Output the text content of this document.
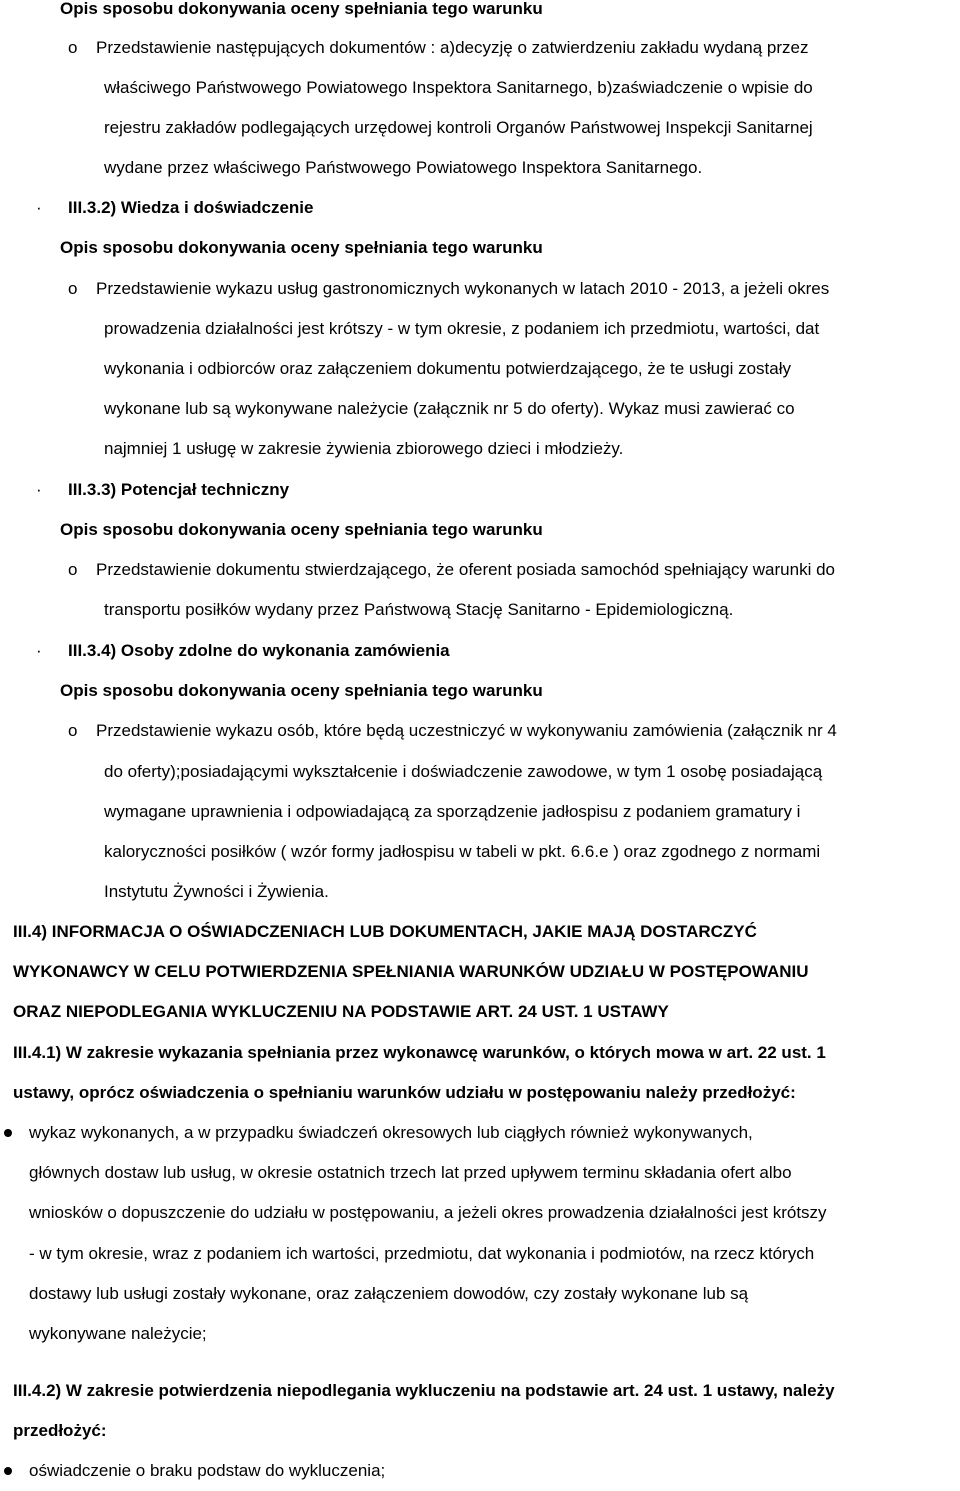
Opis sposobu dokonywania oceny spełniania tego warunku
o Przedstawienie następujących dokumentów : a)decyzję o zatwierdzeniu zakładu wydaną przez
właściwego Państwowego Powiatowego Inspektora Sanitarnego, b)zaświadczenie o wpisie do
rejestru zakładów podlegających urzędowej kontroli Organów Państwowej Inspekcji Sanitarnej
wydane przez właściwego Państwowego Powiatowego Inspektora Sanitarnego.
· III.3.2) Wiedza i doświadczenie
Opis sposobu dokonywania oceny spełniania tego warunku
o Przedstawienie wykazu usług gastronomicznych wykonanych w latach 2010 - 2013, a jeżeli okres
prowadzenia działalności jest krótszy - w tym okresie, z podaniem ich przedmiotu, wartości, dat
wykonania i odbiorców oraz załączeniem dokumentu potwierdzającego, że te usługi zostały
wykonane lub są wykonywane należycie (załącznik nr 5 do oferty). Wykaz musi zawierać co
najmniej 1 usługę w zakresie żywienia zbiorowego dzieci i młodzieży.
· III.3.3) Potencjał techniczny
Opis sposobu dokonywania oceny spełniania tego warunku
o Przedstawienie dokumentu stwierdzającego, że oferent posiada samochód spełniający warunki do
transportu posiłków wydany przez Państwową Stację Sanitarno - Epidemiologiczną.
· III.3.4) Osoby zdolne do wykonania zamówienia
Opis sposobu dokonywania oceny spełniania tego warunku
o Przedstawienie wykazu osób, które będą uczestniczyć w wykonywaniu zamówienia (załącznik nr 4
do oferty);posiadającymi wykształcenie i doświadczenie zawodowe, w tym 1 osobę posiadającą
wymagane uprawnienia i odpowiadającą za sporządzenie jadłospisu z podaniem gramatury i
kaloryczności posiłków ( wzór formy jadłospisu w tabeli w pkt. 6.6.e ) oraz zgodnego z normami
Instytutu Żywności i Żywienia.
III.4) INFORMACJA O OŚWIADCZENIACH LUB DOKUMENTACH, JAKIE MAJĄ DOSTARCZYĆ
WYKONAWCY W CELU POTWIERDZENIA SPEŁNIANIA WARUNKÓW UDZIAŁU W POSTĘPOWANIU
ORAZ NIEPODLEGANIA WYKLUCZENIU NA PODSTAWIE ART. 24 UST. 1 USTAWY
III.4.1) W zakresie wykazania spełniania przez wykonawcę warunków, o których mowa w art. 22 ust. 1
ustawy, oprócz oświadczenia o spełnianiu warunków udziału w postępowaniu należy przedłożyć:
wykaz wykonanych, a w przypadku świadczeń okresowych lub ciągłych również wykonywanych,
głównych dostaw lub usług, w okresie ostatnich trzech lat przed upływem terminu składania ofert albo
wniosków o dopuszczenie do udziału w postępowaniu, a jeżeli okres prowadzenia działalności jest krótszy
- w tym okresie, wraz z podaniem ich wartości, przedmiotu, dat wykonania i podmiotów, na rzecz których
dostawy lub usługi zostały wykonane, oraz załączeniem dowodów, czy zostały wykonane lub są
wykonywane należycie;
III.4.2) W zakresie potwierdzenia niepodlegania wykluczeniu na podstawie art. 24 ust. 1 ustawy, należy
przedłożyć:
oświadczenie o braku podstaw do wykluczenia;
